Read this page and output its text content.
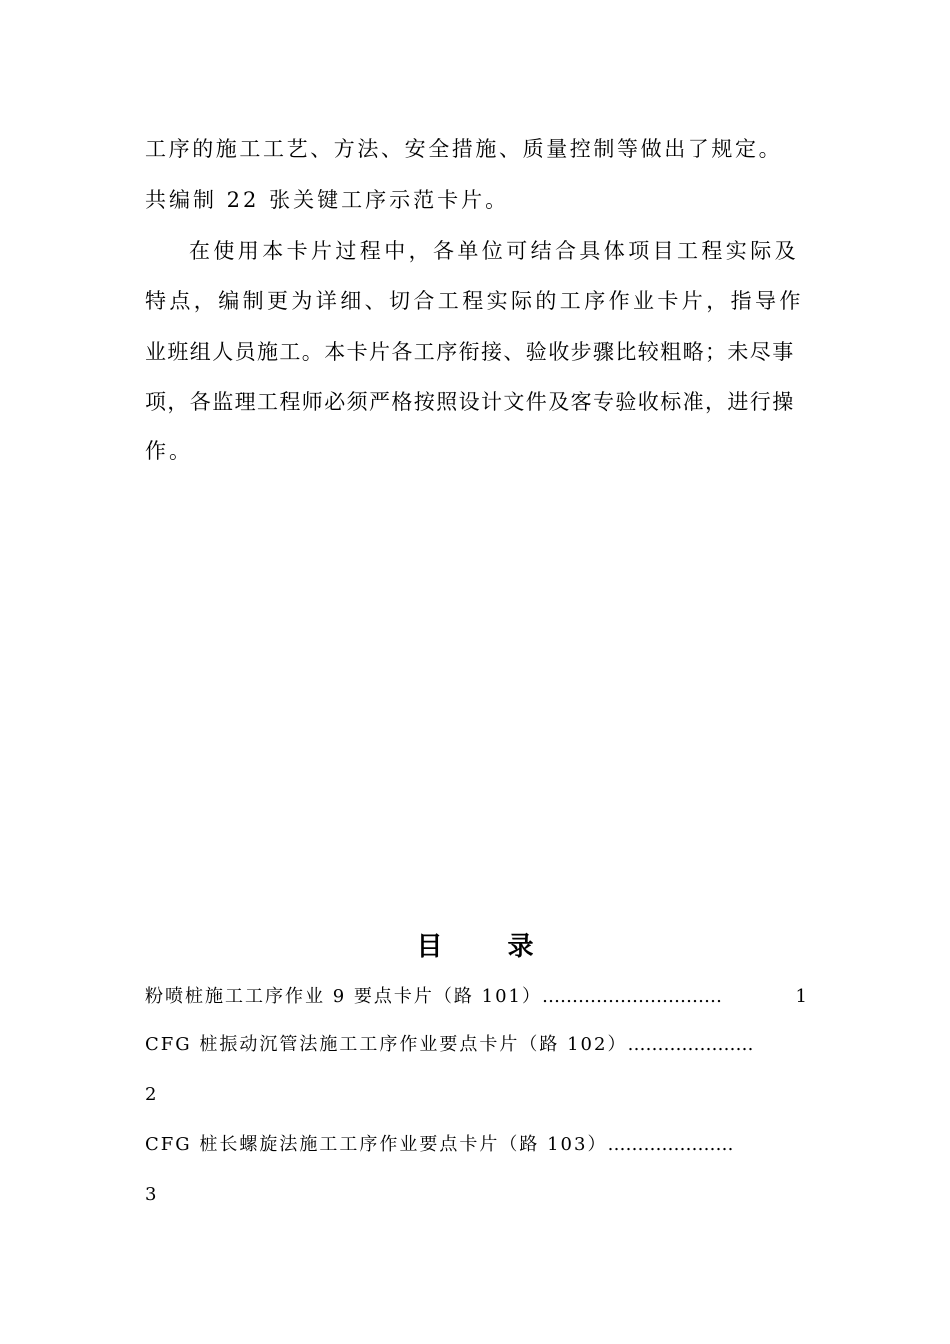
工序的施工工艺、方法、安全措施、质量控制等做出了规定。
共编制 22 张关键工序示范卡片。
在使用本卡片过程中，各单位可结合具体项目工程实际及
特点，编制更为详细、切合工程实际的工序作业卡片，指导作
业班组人员施工。本卡片各工序衔接、验收步骤比较粗略；未尽事
项，各监理工程师必须严格按照设计文件及客专验收标准，进行操
作。
目 录
粉喷桩施工工序作业 9 要点卡片（路 101）…………………………	1
CFG 桩振动沉管法施工工序作业要点卡片（路 102）…………………
2
CFG 桩长螺旋法施工工序作业要点卡片（路 103）…………………
3
